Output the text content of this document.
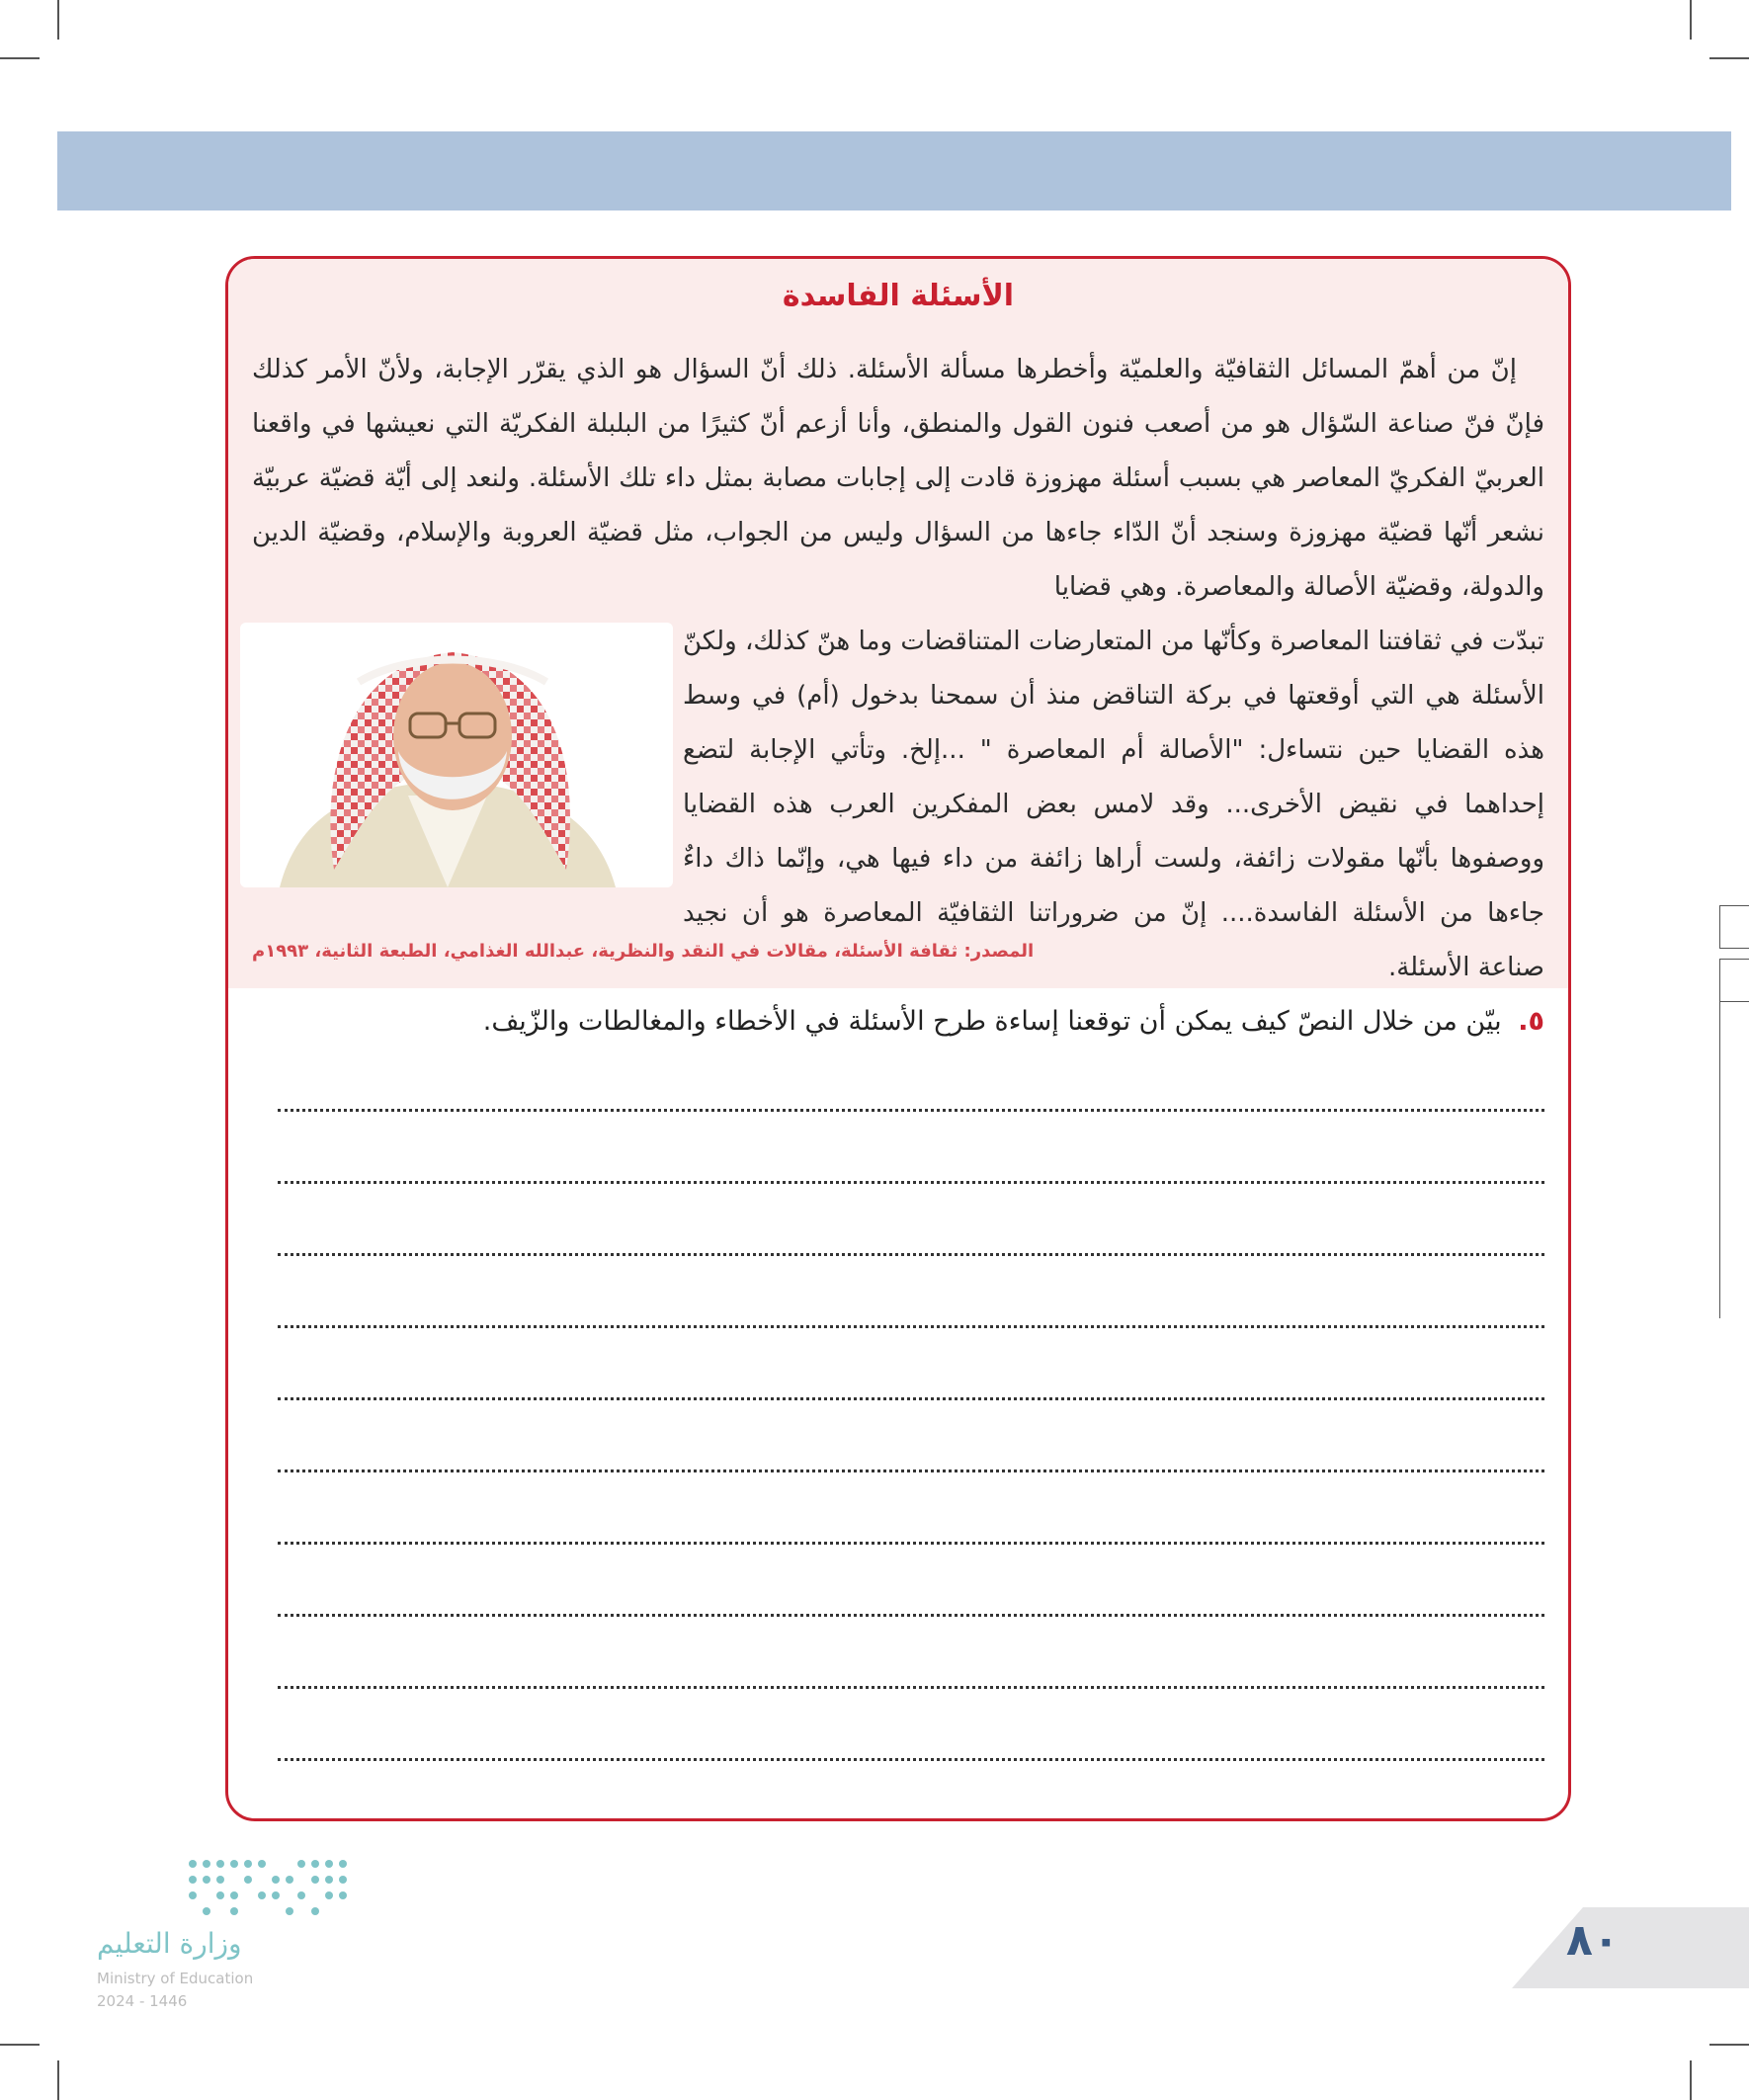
الأسئلة الفاسدة

إنّ من أهمّ المسائل الثقافيّة والعلميّة وأخطرها مسألة الأسئلة. ذلك أنّ السؤال هو الذي يقرّر الإجابة، ولأنّ الأمر كذلك فإنّ فنّ صناعة السّؤال هو من أصعب فنون القول والمنطق، وأنا أزعم أنّ كثيرًا من البلبلة الفكريّة التي نعيشها في واقعنا العربيّ الفكريّ المعاصر هي بسبب أسئلة مهزوزة قادت إلى إجابات مصابة بمثل داء تلك الأسئلة. ولنعد إلى أيّة قضيّة عربيّة نشعر أنّها قضيّة مهزوزة وسنجد أنّ الدّاء جاءها من السؤال وليس من الجواب، مثل قضيّة العروبة والإسلام، وقضيّة الدين والدولة، وقضيّة الأصالة والمعاصرة. وهي قضايا

تبدّت في ثقافتنا المعاصرة وكأنّها من المتعارضات المتناقضات وما هنّ كذلك، ولكنّ الأسئلة هي التي أوقعتها في بركة التناقض منذ أن سمحنا بدخول (أم) في وسط هذه القضايا حين نتساءل: "الأصالة أم المعاصرة " ...إلخ. وتأتي الإجابة لتضع إحداهما في نقيض الأخرى... وقد لامس بعض المفكرين العرب هذه القضايا ووصفوها بأنّها مقولات زائفة، ولست أراها زائفة من داء فيها هي، وإنّما ذاك داءٌ جاءها من الأسئلة الفاسدة.... إنّ من ضروراتنا الثقافيّة المعاصرة هو أن نجيد صناعة الأسئلة.

المصدر: ثقافة الأسئلة، مقالات في النقد والنظرية، عبدالله الغذامي، الطبعة الثانية، ١٩٩٣م

٥. بيّن من خلال النصّ كيف يمكن أن توقعنا إساءة طرح الأسئلة في الأخطاء والمغالطات والزّيف.

وزارة التعليم
Ministry of Education
2024 - 1446
٨٠
